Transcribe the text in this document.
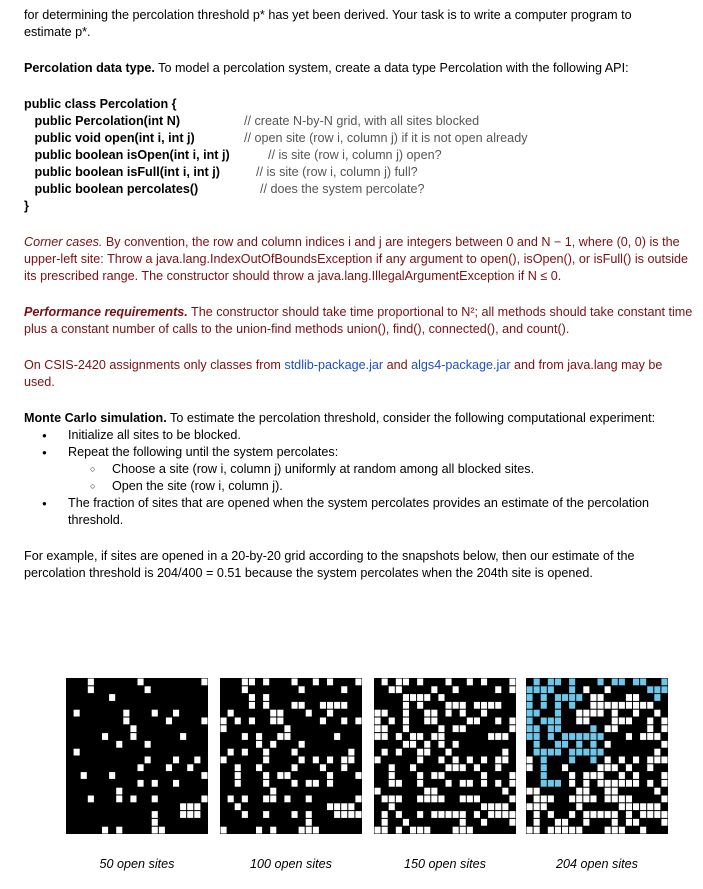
for determining the percolation threshold p* has yet been derived. Your task is to write a computer program to
estimate p*.

Percolation data type. To model a percolation system, create a data type Percolation with the following API:

public class Percolation {
public Percolation(int N)	// create N-by-N grid, with all sites blocked
public void open(int i, int j)	// open site (row i, column j) if it is not open already
public boolean isOpen(int i, int j)	// is site (row i, column j) open?
public boolean isFull(int i, int j)	// is site (row i, column j) full?
public boolean percolates()	// does the system percolate?
}

Corner cases. By convention, the row and column indices i and j are integers between 0 and N − 1, where (0, 0) is the upper-left site: Throw a java.lang.IndexOutOfBoundsException if any argument to open(), isOpen(), or isFull() is outside its prescribed range. The constructor should throw a java.lang.IllegalArgumentException if N ≤ 0.

Performance requirements. The constructor should take time proportional to N²; all methods should take constant time plus a constant number of calls to the union-find methods union(), find(), connected(), and count().

On CSIS-2420 assignments only classes from stdlib-package.jar and algs4-package.jar and from java.lang may be used.

Monte Carlo simulation. To estimate the percolation threshold, consider the following computational experiment:

● Initialize all sites to be blocked.
● Repeat the following until the system percolates:
○ Choose a site (row i, column j) uniformly at random among all blocked sites.
○ Open the site (row i, column j).
● The fraction of sites that are opened when the system percolates provides an estimate of the percolation threshold.

For example, if sites are opened in a 20-by-20 grid according to the snapshots below, then our estimate of the percolation threshold is 204/400 = 0.51 because the system percolates when the 204th site is opened.

50 open sites	100 open sites	150 open sites	204 open sites
